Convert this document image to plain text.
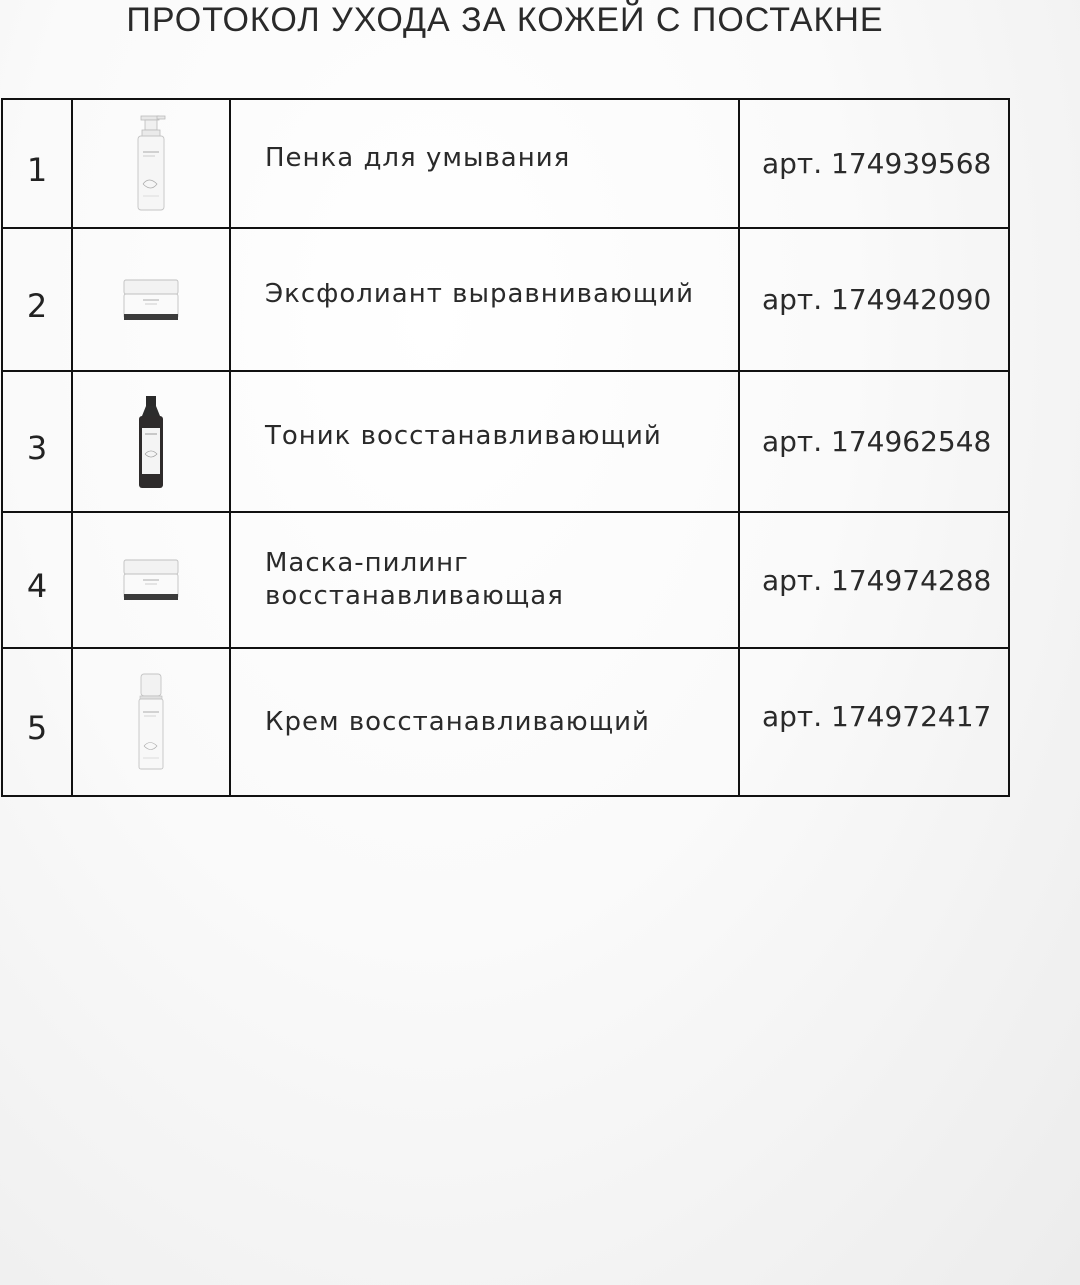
ПРОТОКОЛ УХОДА ЗА КОЖЕЙ С ПОСТАКНЕ
1		Пенка для умывания	арт. 174939568
2		Эксфолиант выравнивающий	арт. 174942090
3		Тоник восстанавливающий	арт. 174962548
4		Маска-пилинг восстанавливающая	арт. 174974288
5		Крем восстанавливающий	арт. 174972417
